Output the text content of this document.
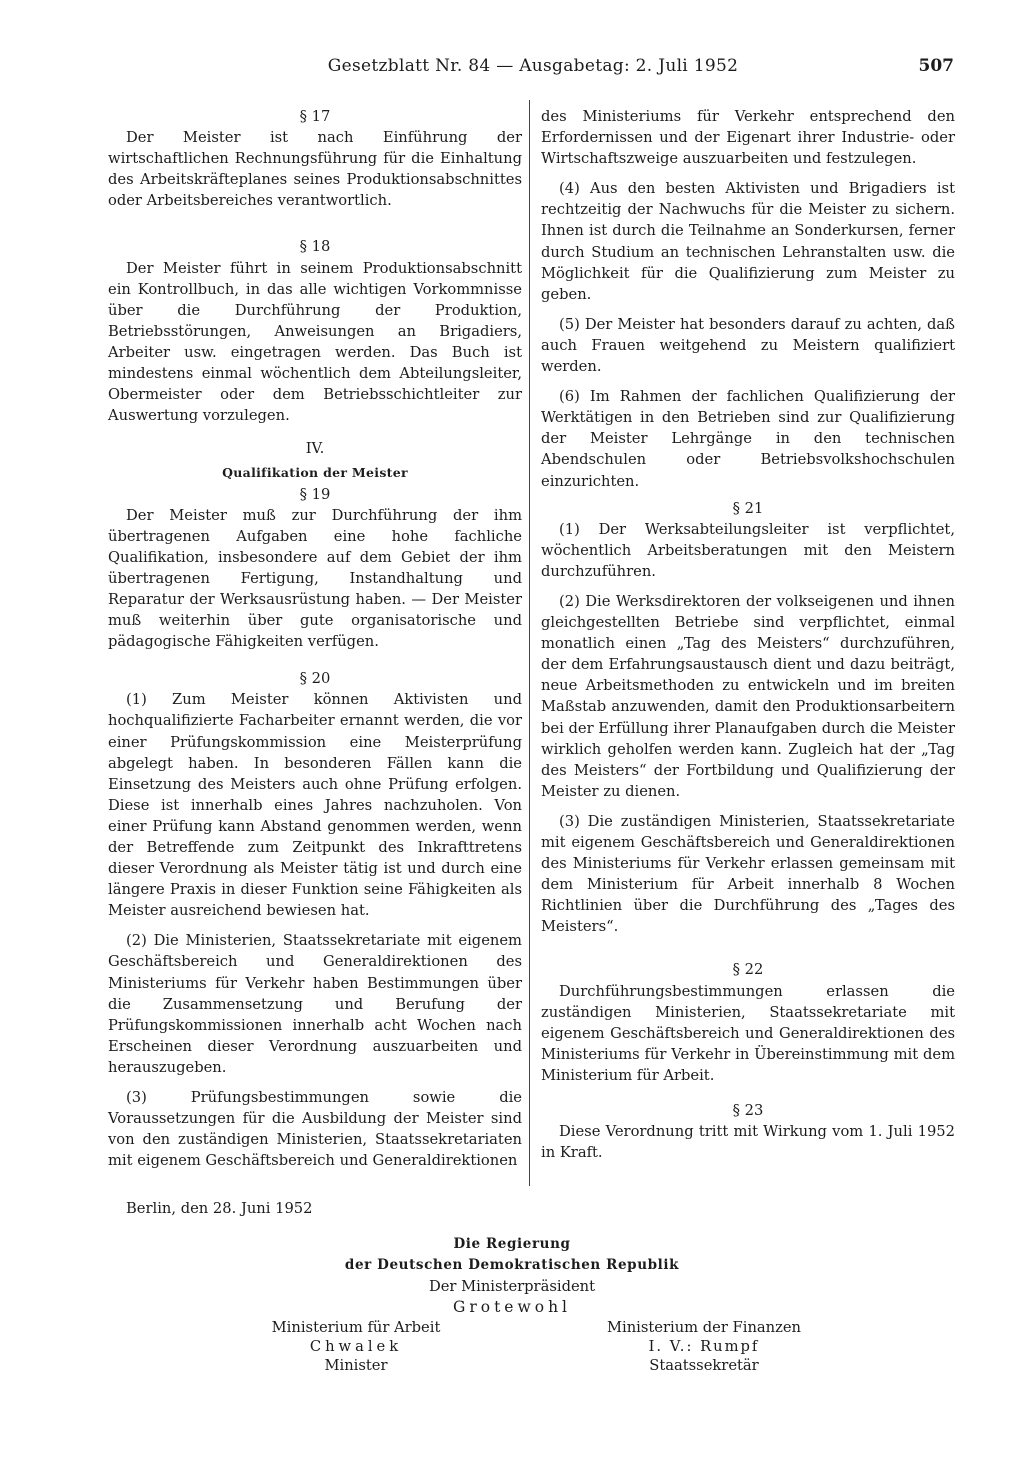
Gesetzblatt Nr. 84 — Ausgabetag: 2. Juli 1952	507
§ 17

Der Meister ist nach Einführung der wirtschaftlichen Rechnungsführung für die Einhaltung des Arbeitskräfteplanes seines Produktionsabschnittes oder Arbeitsbereiches verantwortlich.

§ 18

Der Meister führt in seinem Produktionsabschnitt ein Kontrollbuch, in das alle wichtigen Vorkommnisse über die Durchführung der Produktion, Betriebsstörungen, Anweisungen an Brigadiers, Arbeiter usw. eingetragen werden. Das Buch ist mindestens einmal wöchentlich dem Abteilungsleiter, Obermeister oder dem Betriebsschichtleiter zur Auswertung vorzulegen.

IV.
Qualifikation der Meister
§ 19

Der Meister muß zur Durchführung der ihm übertragenen Aufgaben eine hohe fachliche Qualifikation, insbesondere auf dem Gebiet der ihm übertragenen Fertigung, Instandhaltung und Reparatur der Werksausrüstung haben. — Der Meister muß weiterhin über gute organisatorische und pädagogische Fähigkeiten verfügen.

§ 20

(1) Zum Meister können Aktivisten und hochqualifizierte Facharbeiter ernannt werden, die vor einer Prüfungskommission eine Meisterprüfung abgelegt haben. In besonderen Fällen kann die Einsetzung des Meisters auch ohne Prüfung erfolgen. Diese ist innerhalb eines Jahres nachzuholen. Von einer Prüfung kann Abstand genommen werden, wenn der Betreffende zum Zeitpunkt des Inkrafttretens dieser Verordnung als Meister tätig ist und durch eine längere Praxis in dieser Funktion seine Fähigkeiten als Meister ausreichend bewiesen hat.

(2) Die Ministerien, Staatssekretariate mit eigenem Geschäftsbereich und Generaldirektionen des Ministeriums für Verkehr haben Bestimmungen über die Zusammensetzung und Berufung der Prüfungskommissionen innerhalb acht Wochen nach Erscheinen dieser Verordnung auszuarbeiten und herauszugeben.

(3) Prüfungsbestimmungen sowie die Voraussetzungen für die Ausbildung der Meister sind von den zuständigen Ministerien, Staatssekretariaten mit eigenem Geschäftsbereich und Generaldirektionen

des Ministeriums für Verkehr entsprechend den Erfordernissen und der Eigenart ihrer Industrie- oder Wirtschaftszweige auszuarbeiten und festzulegen.

(4) Aus den besten Aktivisten und Brigadiers ist rechtzeitig der Nachwuchs für die Meister zu sichern. Ihnen ist durch die Teilnahme an Sonderkursen, ferner durch Studium an technischen Lehranstalten usw. die Möglichkeit für die Qualifizierung zum Meister zu geben.

(5) Der Meister hat besonders darauf zu achten, daß auch Frauen weitgehend zu Meistern qualifiziert werden.

(6) Im Rahmen der fachlichen Qualifizierung der Werktätigen in den Betrieben sind zur Qualifizierung der Meister Lehrgänge in den technischen Abendschulen oder Betriebsvolkshochschulen einzurichten.

§ 21

(1) Der Werksabteilungsleiter ist verpflichtet, wöchentlich Arbeitsberatungen mit den Meistern durchzuführen.

(2) Die Werksdirektoren der volkseigenen und ihnen gleichgestellten Betriebe sind verpflichtet, einmal monatlich einen „Tag des Meisters“ durchzuführen, der dem Erfahrungsaustausch dient und dazu beiträgt, neue Arbeitsmethoden zu entwickeln und im breiten Maßstab anzuwenden, damit den Produktionsarbeitern bei der Erfüllung ihrer Planaufgaben durch die Meister wirklich geholfen werden kann. Zugleich hat der „Tag des Meisters“ der Fortbildung und Qualifizierung der Meister zu dienen.

(3) Die zuständigen Ministerien, Staatssekretariate mit eigenem Geschäftsbereich und Generaldirektionen des Ministeriums für Verkehr erlassen gemeinsam mit dem Ministerium für Arbeit innerhalb 8 Wochen Richtlinien über die Durchführung des „Tages des Meisters“.

§ 22

Durchführungsbestimmungen erlassen die zuständigen Ministerien, Staatssekretariate mit eigenem Geschäftsbereich und Generaldirektionen des Ministeriums für Verkehr in Übereinstimmung mit dem Ministerium für Arbeit.

§ 23

Diese Verordnung tritt mit Wirkung vom 1. Juli 1952 in Kraft.

Berlin, den 28. Juni 1952
Die Regierung
der Deutschen Demokratischen Republik
Der Ministerpräsident
Grotewohl
Ministerium für Arbeit
Chwalek
Minister
Ministerium der Finanzen
I. V.: Rumpf
Staatssekretär
